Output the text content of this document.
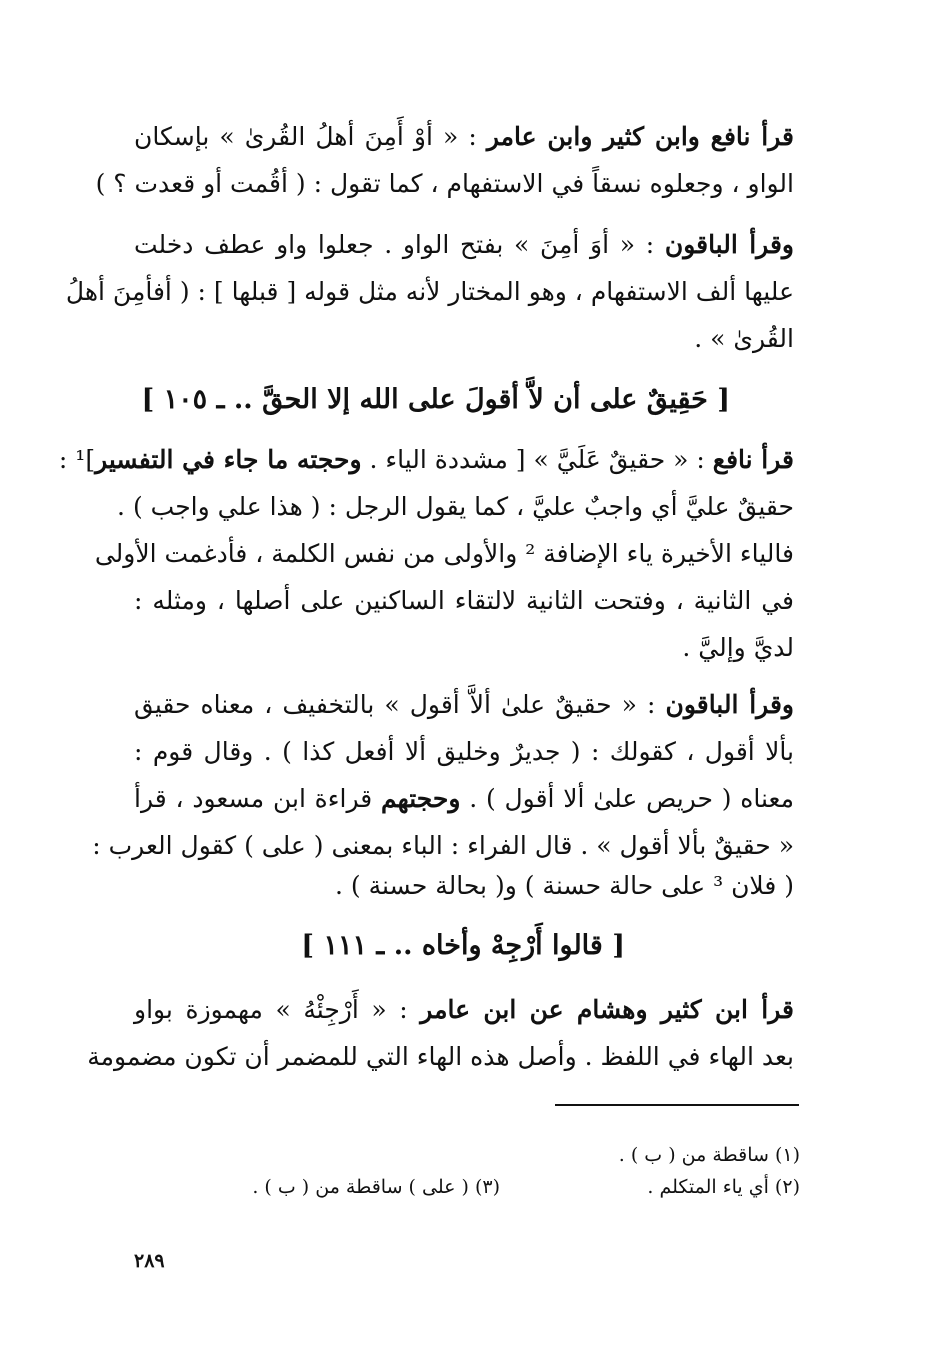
قرأ نافع وابن كثير وابن عامر : « أوْ أَمِنَ أهلُ القُرىٰ » بإسكان
الواو ، وجعلوه نسقاً في الاستفهام ، كما تقول : ( أقُمت أو قعدت ؟ )
وقرأ الباقون : « أوَ أمِنَ » بفتح الواو . جعلوا واو عطف دخلت
عليها ألف الاستفهام ، وهو المختار لأنه مثل قوله [ قبلها ] : ( أفأمِنَ أهلُ
القُرىٰ » .
[ حَقِيقٌ على أن لاَّ أقولَ على الله إلا الحقَّ .. ـ ١٠٥ ]
قرأ نافع : « حقيقٌ عَلَيَّ » [ مشددة الياء . وحجته ما جاء في التفسير]¹ :
حقيقٌ عليَّ أي واجبٌ عليَّ ، كما يقول الرجل : ( هذا علي واجب ) .
فالياء الأخيرة ياء الإضافة ² والأولى من نفس الكلمة ، فأدغمت الأولى
في الثانية ، وفتحت الثانية لالتقاء الساكنين على أصلها ، ومثله :
لديَّ وإليَّ .
وقرأ الباقون : « حقيقٌ علىٰ ألاَّ أقول » بالتخفيف ، معناه حقيق
بألا أقول ، كقولك : ( جديرٌ وخليق ألا أفعل كذا ) . وقال قوم :
معناه ( حريص علىٰ ألا أقول ) . وحجتهم قراءة ابن مسعود ، قرأ
« حقيقٌ بألا أقول » . قال الفراء : الباء بمعنى ( على ) كقول العرب :
( فلان ³ على حالة حسنة ) و( بحالة حسنة ) .
[ قالوا أَرْجِهْ وأخاه .. ـ ١١١ ]
قرأ ابن كثير وهشام عن ابن عامر : « أَرْجِئْهُ » مهموزة بواو
بعد الهاء في اللفظ . وأصل هذه الهاء التي للمضمر أن تكون مضمومة
(١) ساقطة من ( ب ) .
(٢) أي ياء المتكلم .
(٣) ( على ) ساقطة من ( ب ) .
٢٨٩
